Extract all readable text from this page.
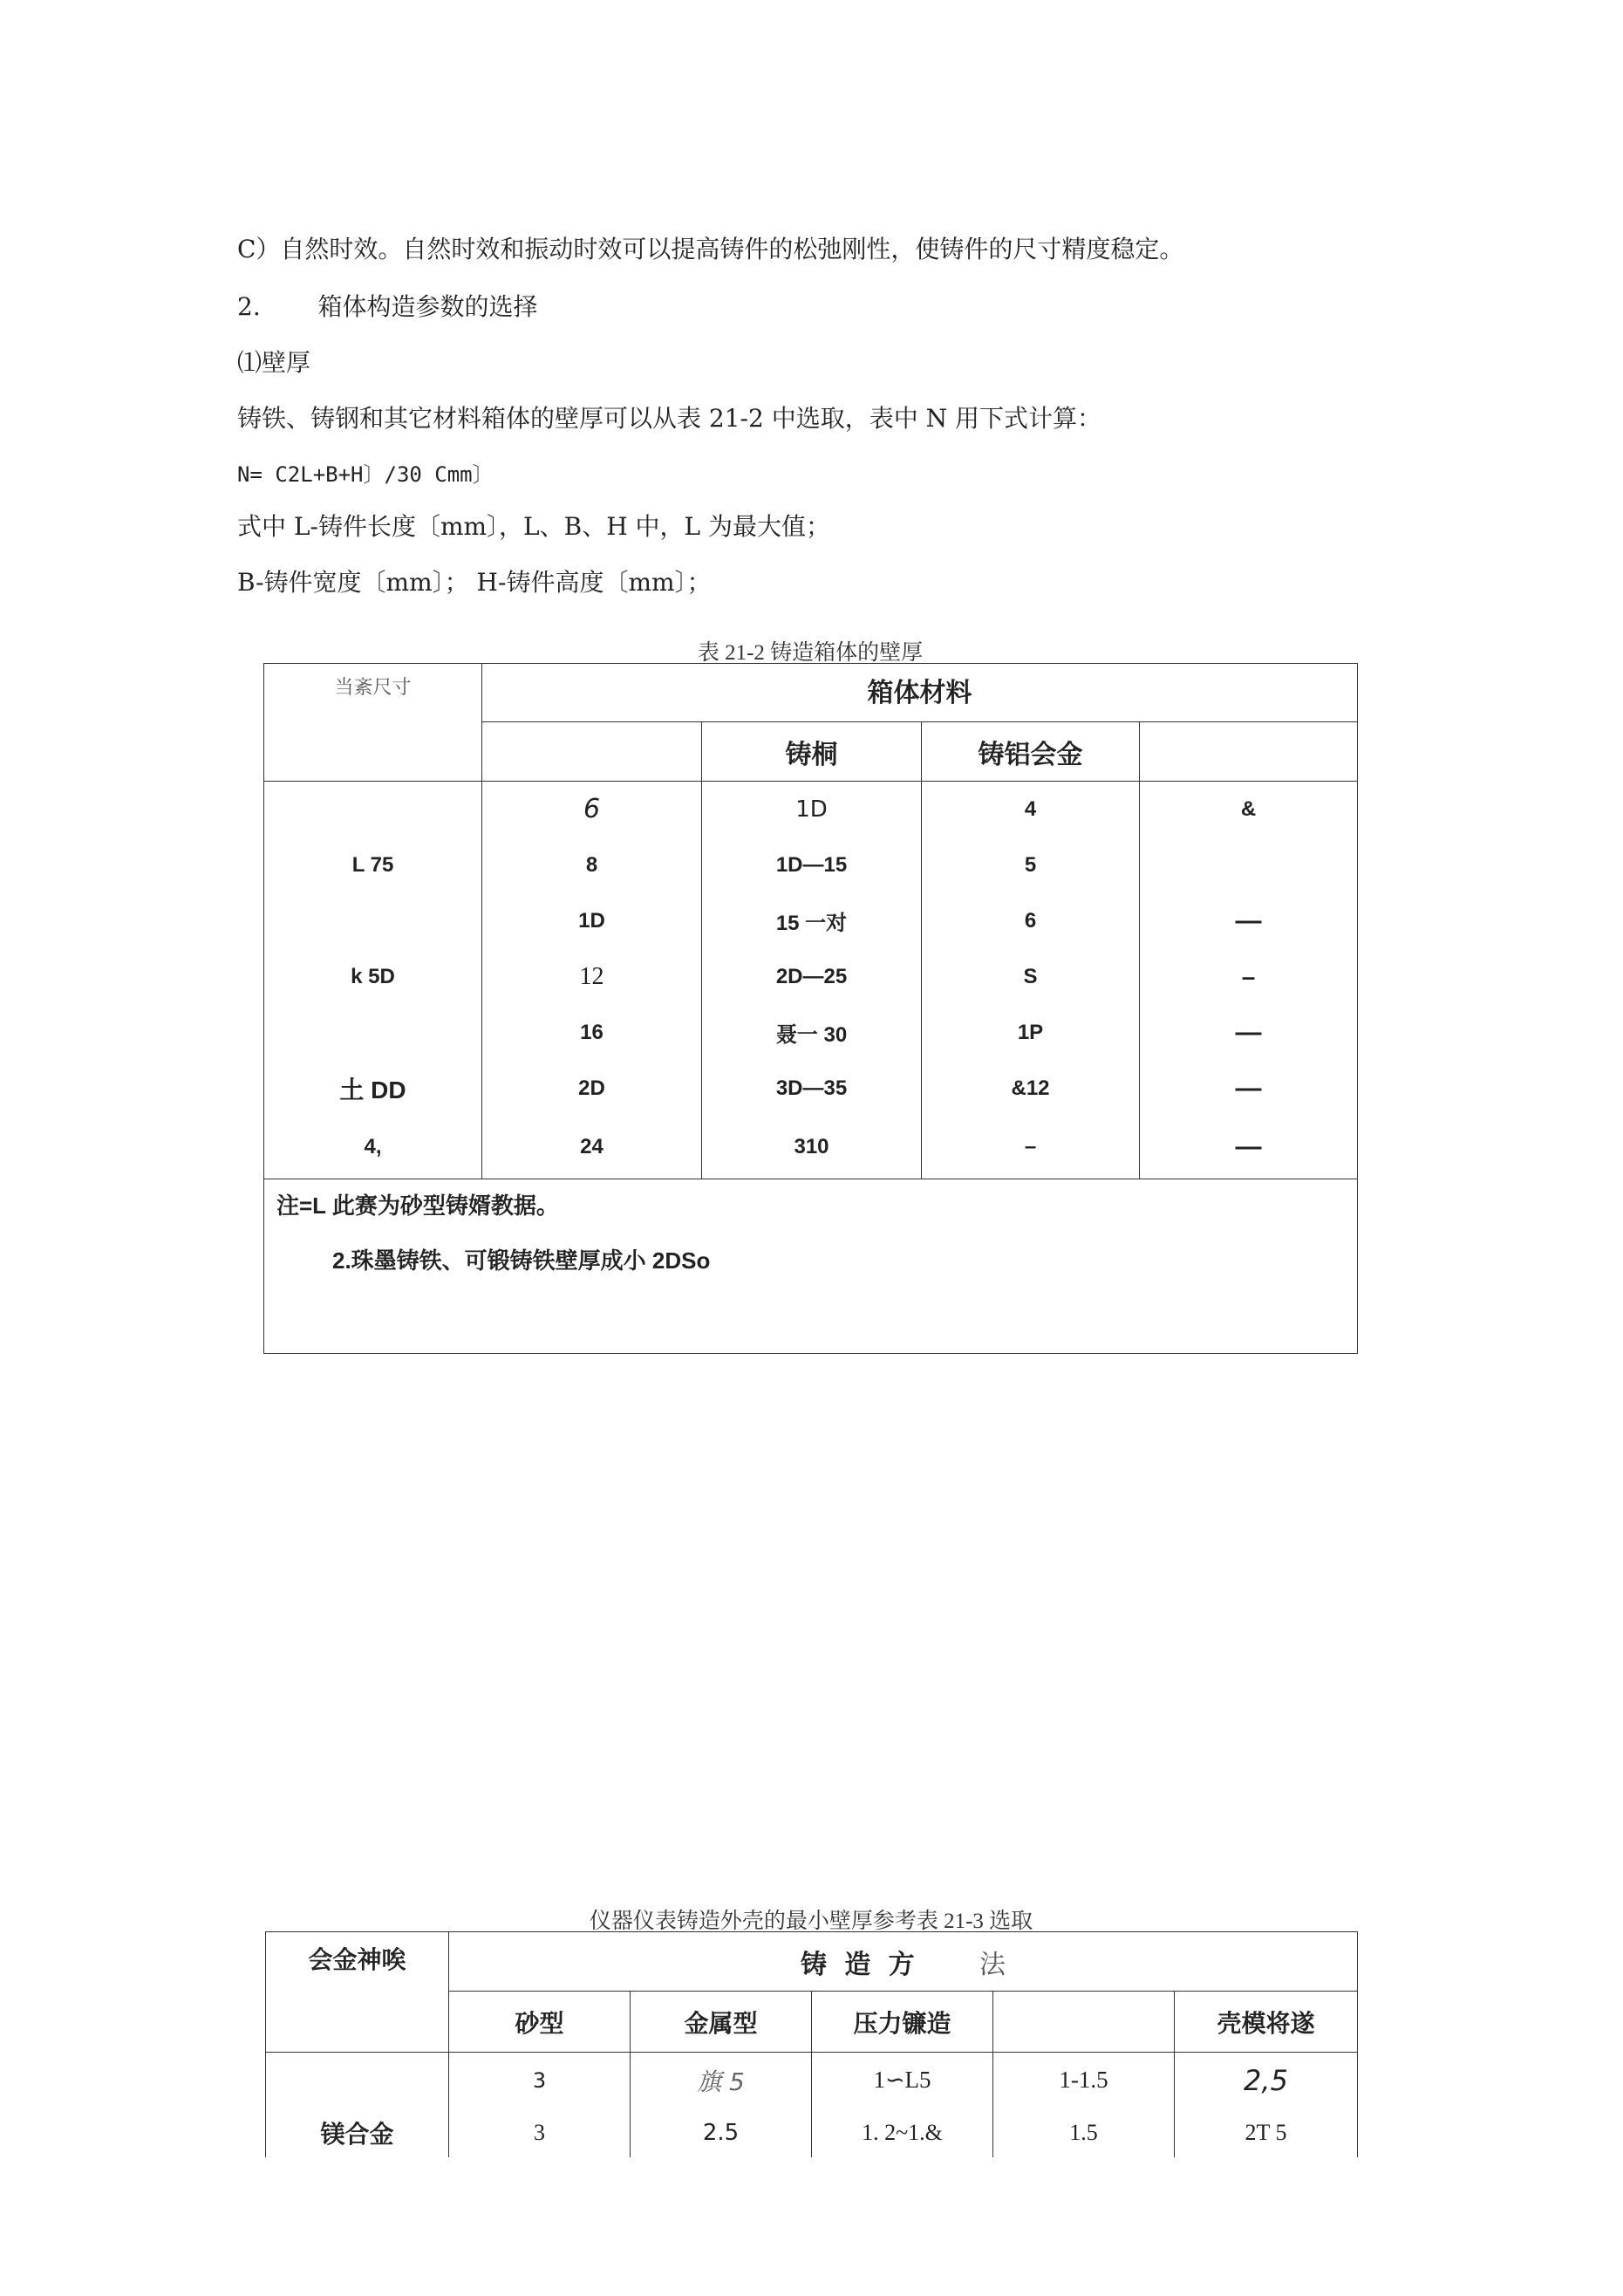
C）自然时效。自然时效和振动时效可以提高铸件的松弛刚性，使铸件的尺寸精度稳定。
2. 箱体构造参数的选择
⑴壁厚
铸铁、铸钢和其它材料箱体的壁厚可以从表 21-2 中选取，表中 N 用下式计算：
N= C2L+B+H〕/30 Cmm〕
式中 L-铸件长度〔mm〕，L、B、H 中，L 为最大值；
B-铸件宽度〔mm〕； H-铸件高度〔mm〕；
表 21-2 铸造箱体的壁厚
当紊尺寸	箱体材料			
		铸桐	铸铝会金	
	6	1D	4	&
L 75	8	1D—15	5	
	1D	15 一对	6	—
k 5D	12	2D—25	S	–
	16	聂一 30	1P	—
土 DD	2D	3D—35	&12	—
4,	24	310	–	—

注=L 此赛为砂型铸婿教据。
2.珠墨铸铁、可锻铸铁壁厚成小 2DSo				
仪器仪表铸造外壳的最小壁厚参考表 21-3 选取
会金神唉	铸 造 方 法				
	砂型	金属型	压力镰造		壳模将遂
	3	旗 5	1∽L5	1-1.5	2,5
镁合金	3	2.5	1. 2~1.&	1.5	2T 5
